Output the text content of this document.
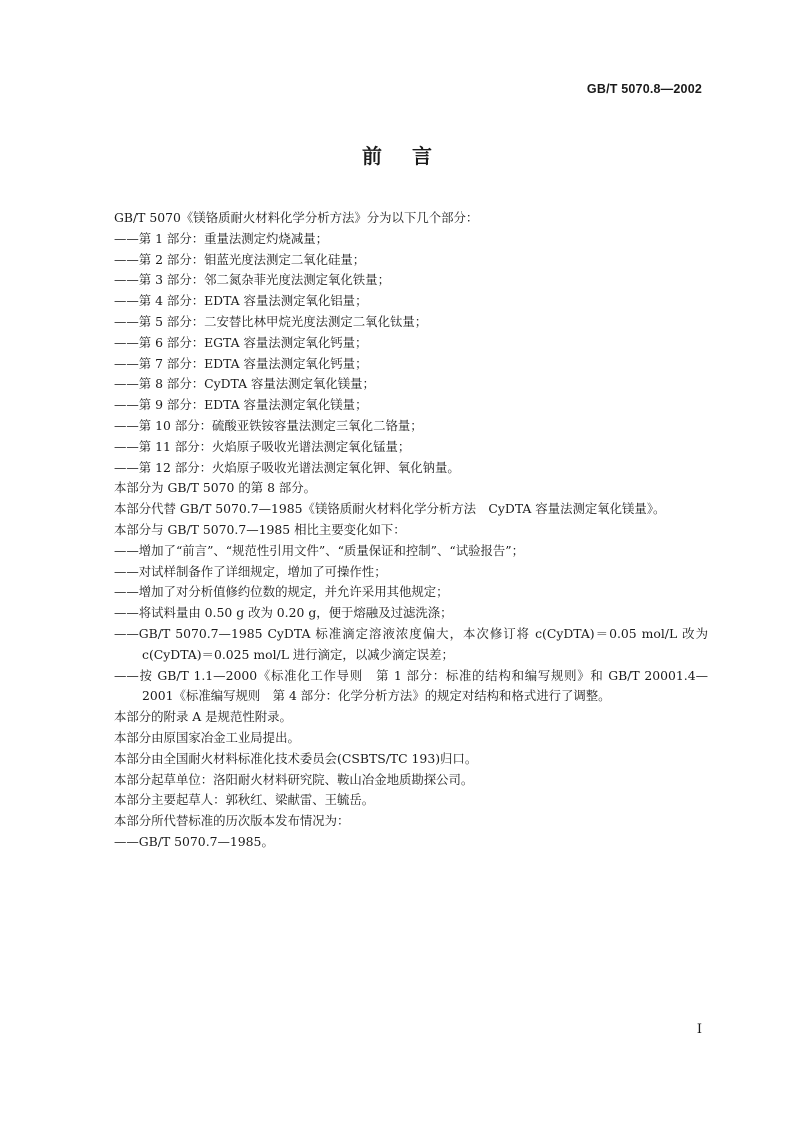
GB/T 5070.8—2002
前言
GB/T 5070《镁铬质耐火材料化学分析方法》分为以下几个部分：
——第 1 部分：重量法测定灼烧减量；
——第 2 部分：钼蓝光度法测定二氧化硅量；
——第 3 部分：邻二氮杂菲光度法测定氧化铁量；
——第 4 部分：EDTA 容量法测定氧化铝量；
——第 5 部分：二安替比林甲烷光度法测定二氧化钛量；
——第 6 部分：EGTA 容量法测定氧化钙量；
——第 7 部分：EDTA 容量法测定氧化钙量；
——第 8 部分：CyDTA 容量法测定氧化镁量；
——第 9 部分：EDTA 容量法测定氧化镁量；
——第 10 部分：硫酸亚铁铵容量法测定三氧化二铬量；
——第 11 部分：火焰原子吸收光谱法测定氧化锰量；
——第 12 部分：火焰原子吸收光谱法测定氧化钾、氧化钠量。
本部分为 GB/T 5070 的第 8 部分。
本部分代替 GB/T 5070.7—1985《镁铬质耐火材料化学分析方法　CyDTA 容量法测定氧化镁量》。
本部分与 GB/T 5070.7—1985 相比主要变化如下：
——增加了“前言”、“规范性引用文件”、“质量保证和控制”、“试验报告”；
——对试样制备作了详细规定，增加了可操作性；
——增加了对分析值修约位数的规定，并允许采用其他规定；
——将试料量由 0.50 g 改为 0.20 g，便于熔融及过滤洗涤；
——GB/T 5070.7—1985 CyDTA 标准滴定溶液浓度偏大，本次修订将 c(CyDTA)＝0.05 mol/L 改为 c(CyDTA)＝0.025 mol/L 进行滴定，以减少滴定误差；
——按 GB/T 1.1—2000《标准化工作导则　第 1 部分：标准的结构和编写规则》和 GB/T 20001.4—2001《标准编写规则　第 4 部分：化学分析方法》的规定对结构和格式进行了调整。
本部分的附录 A 是规范性附录。
本部分由原国家冶金工业局提出。
本部分由全国耐火材料标准化技术委员会(CSBTS/TC 193)归口。
本部分起草单位：洛阳耐火材料研究院、鞍山冶金地质勘探公司。
本部分主要起草人：郭秋红、梁献雷、王毓岳。
本部分所代替标准的历次版本发布情况为：
——GB/T 5070.7—1985。
I
